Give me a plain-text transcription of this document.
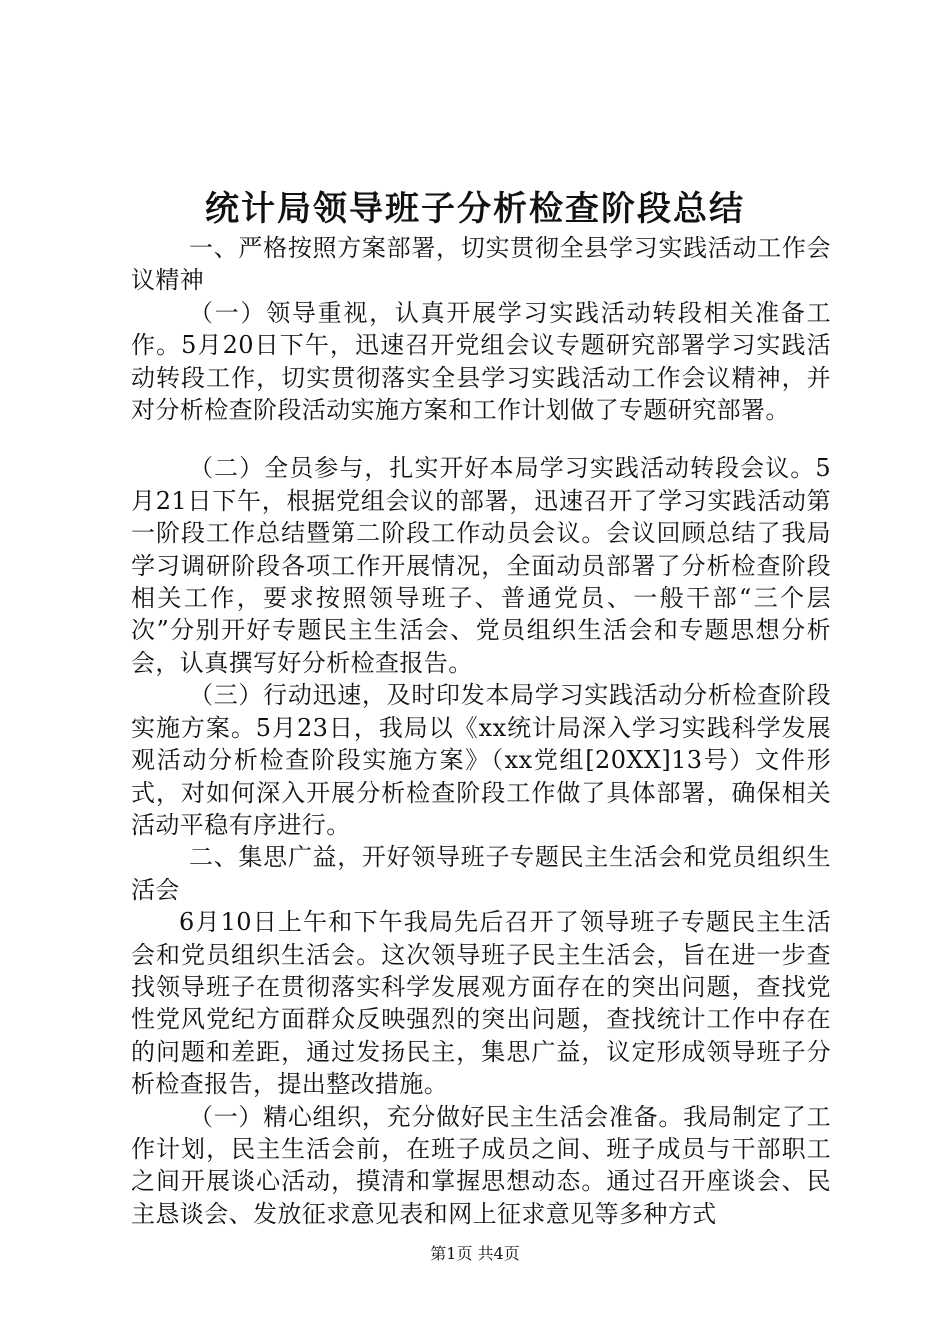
统计局领导班子分析检查阶段总结

一、严格按照方案部署，切实贯彻全县学习实践活动工作会议精神

（一）领导重视，认真开展学习实践活动转段相关准备工作。5月20日下午，迅速召开党组会议专题研究部署学习实践活动转段工作，切实贯彻落实全县学习实践活动工作会议精神，并对分析检查阶段活动实施方案和工作计划做了专题研究部署。

（二）全员参与，扎实开好本局学习实践活动转段会议。5月21日下午，根据党组会议的部署，迅速召开了学习实践活动第一阶段工作总结暨第二阶段工作动员会议。会议回顾总结了我局学习调研阶段各项工作开展情况，全面动员部署了分析检查阶段相关工作，要求按照领导班子、普通党员、一般干部“三个层次”分别开好专题民主生活会、党员组织生活会和专题思想分析会，认真撰写好分析检查报告。

（三）行动迅速，及时印发本局学习实践活动分析检查阶段实施方案。5月23日，我局以《xx统计局深入学习实践科学发展观活动分析检查阶段实施方案》（xx党组[20XX]13号）文件形式，对如何深入开展分析检查阶段工作做了具体部署，确保相关活动平稳有序进行。

二、集思广益，开好领导班子专题民主生活会和党员组织生活会

6月10日上午和下午我局先后召开了领导班子专题民主生活会和党员组织生活会。这次领导班子民主生活会，旨在进一步查找领导班子在贯彻落实科学发展观方面存在的突出问题，查找党性党风党纪方面群众反映强烈的突出问题，查找统计工作中存在的问题和差距，通过发扬民主，集思广益，议定形成领导班子分析检查报告，提出整改措施。

（一）精心组织，充分做好民主生活会准备。我局制定了工作计划，民主生活会前，在班子成员之间、班子成员与干部职工之间开展谈心活动，摸清和掌握思想动态。通过召开座谈会、民主恳谈会、发放征求意见表和网上征求意见等多种方式

第1页 共4页
